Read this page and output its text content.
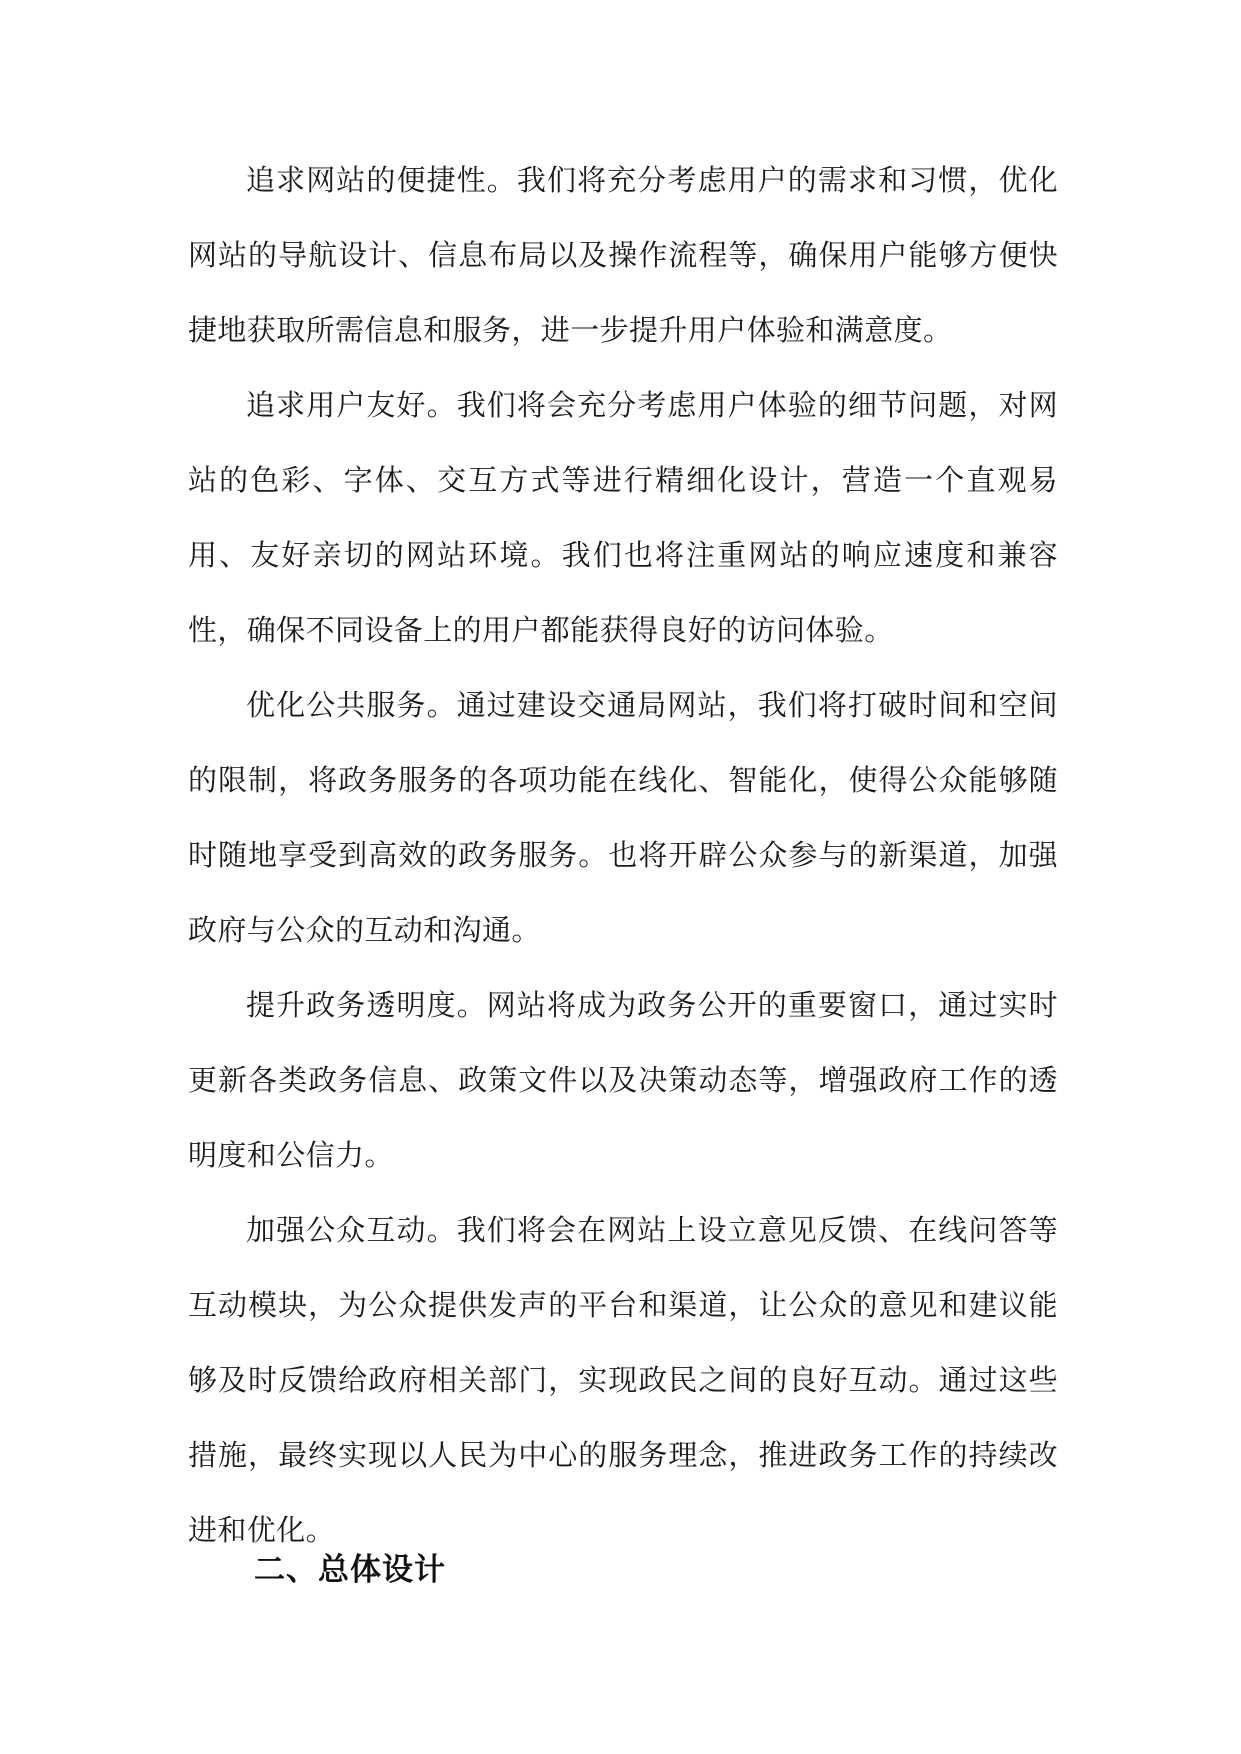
追求网站的便捷性。我们将充分考虑用户的需求和习惯，优化网站的导航设计、信息布局以及操作流程等，确保用户能够方便快捷地获取所需信息和服务，进一步提升用户体验和满意度。

追求用户友好。我们将会充分考虑用户体验的细节问题，对网站的色彩、字体、交互方式等进行精细化设计，营造一个直观易用、友好亲切的网站环境。我们也将注重网站的响应速度和兼容性，确保不同设备上的用户都能获得良好的访问体验。

优化公共服务。通过建设交通局网站，我们将打破时间和空间的限制，将政务服务的各项功能在线化、智能化，使得公众能够随时随地享受到高效的政务服务。也将开辟公众参与的新渠道，加强政府与公众的互动和沟通。

提升政务透明度。网站将成为政务公开的重要窗口，通过实时更新各类政务信息、政策文件以及决策动态等，增强政府工作的透明度和公信力。

加强公众互动。我们将会在网站上设立意见反馈、在线问答等互动模块，为公众提供发声的平台和渠道，让公众的意见和建议能够及时反馈给政府相关部门，实现政民之间的良好互动。通过这些措施，最终实现以人民为中心的服务理念，推进政务工作的持续改进和优化。

二、总体设计
